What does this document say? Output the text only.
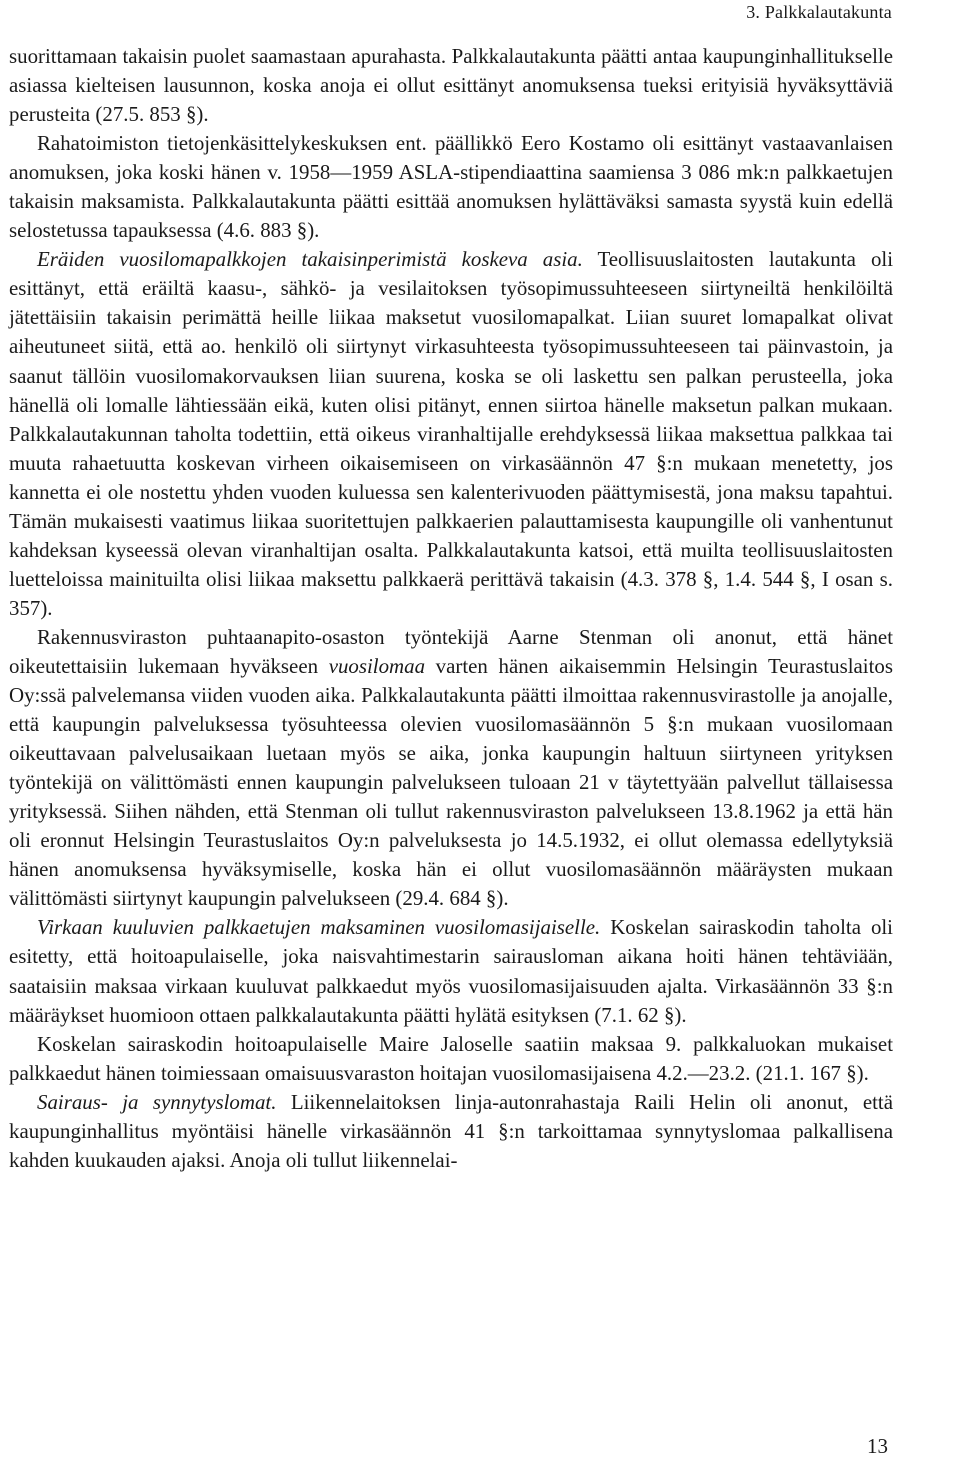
3. Palkkalautakunta

suorittamaan takaisin puolet saamastaan apurahasta. Palkkalautakunta päätti antaa kaupunginhallitukselle asiassa kielteisen lausunnon, koska anoja ei ollut esittänyt anomuksensa tueksi erityisiä hyväksyttäviä perusteita (27.5. 853 §).

Rahatoimiston tietojenkäsittelykeskuksen ent. päällikkö Eero Kostamo oli esittänyt vastaavanlaisen anomuksen, joka koski hänen v. 1958—1959 ASLA-stipendiaattina saamiensa 3 086 mk:n palkkaetujen takaisin maksamista. Palkkalautakunta päätti esittää anomuksen hylättäväksi samasta syystä kuin edellä selostetussa tapauksessa (4.6. 883 §).

Eräiden vuosilomapalkkojen takaisinperimistä koskeva asia. Teollisuuslaitosten lautakunta oli esittänyt, että eräiltä kaasu-, sähkö- ja vesilaitoksen työsopimussuhteeseen siirtyneiltä henkilöiltä jätettäisiin takaisin perimättä heille liikaa maksetut vuosilomapalkat. Liian suuret lomapalkat olivat aiheutuneet siitä, että ao. henkilö oli siirtynyt virkasuhteesta työsopimussuhteeseen tai päinvastoin, ja saanut tällöin vuosilomakorvauksen liian suurena, koska se oli laskettu sen palkan perusteella, joka hänellä oli lomalle lähtiessään eikä, kuten olisi pitänyt, ennen siirtoa hänelle maksetun palkan mukaan. Palkkalautakunnan taholta todettiin, että oikeus viranhaltijalle erehdyksessä liikaa maksettua palkkaa tai muuta rahaetuutta koskevan virheen oikaisemiseen on virkasäännön 47 §:n mukaan menetetty, jos kannetta ei ole nostettu yhden vuoden kuluessa sen kalenterivuoden päättymisestä, jona maksu tapahtui. Tämän mukaisesti vaatimus liikaa suoritettujen palkkaerien palauttamisesta kaupungille oli vanhentunut kahdeksan kyseessä olevan viranhaltijan osalta. Palkkalautakunta katsoi, että muilta teollisuuslaitosten luetteloissa mainituilta olisi liikaa maksettu palkkaerä perittävä takaisin (4.3. 378 §, 1.4. 544 §, I osan s. 357).

Rakennusviraston puhtaanapito-osaston työntekijä Aarne Stenman oli anonut, että hänet oikeutettaisiin lukemaan hyväkseen vuosilomaa varten hänen aikaisemmin Helsingin Teurastuslaitos Oy:ssä palvelemansa viiden vuoden aika. Palkkalautakunta päätti ilmoittaa rakennusvirastolle ja anojalle, että kaupungin palveluksessa työsuhteessa olevien vuosilomasäännön 5 §:n mukaan vuosilomaan oikeuttavaan palvelusaikaan luetaan myös se aika, jonka kaupungin haltuun siirtyneen yrityksen työntekijä on välittömästi ennen kaupungin palvelukseen tuloaan 21 v täytettyään palvellut tällaisessa yrityksessä. Siihen nähden, että Stenman oli tullut rakennusviraston palvelukseen 13.8.1962 ja että hän oli eronnut Helsingin Teurastuslaitos Oy:n palveluksesta jo 14.5.1932, ei ollut olemassa edellytyksiä hänen anomuksensa hyväksymiselle, koska hän ei ollut vuosilomasäännön määräysten mukaan välittömästi siirtynyt kaupungin palvelukseen (29.4. 684 §).

Virkaan kuuluvien palkkaetujen maksaminen vuosilomasijaiselle. Koskelan sairaskodin taholta oli esitetty, että hoitoapulaiselle, joka naisvahtimestarin sairausloman aikana hoiti hänen tehtäviään, saataisiin maksaa virkaan kuuluvat palkkaedut myös vuosilomasijaisuuden ajalta. Virkasäännön 33 §:n määräykset huomioon ottaen palkkalautakunta päätti hylätä esityksen (7.1. 62 §).

Koskelan sairaskodin hoitoapulaiselle Maire Jaloselle saatiin maksaa 9. palkkaluokan mukaiset palkkaedut hänen toimiessaan omaisuusvaraston hoitajan vuosilomasijaisena 4.2.—23.2. (21.1. 167 §).

Sairaus- ja synnytyslomat. Liikennelaitoksen linja-autonrahastaja Raili Helin oli anonut, että kaupunginhallitus myöntäisi hänelle virkasäännön 41 §:n tarkoittamaa synnytyslomaa palkallisena kahden kuukauden ajaksi. Anoja oli tullut liikennelai-

13
